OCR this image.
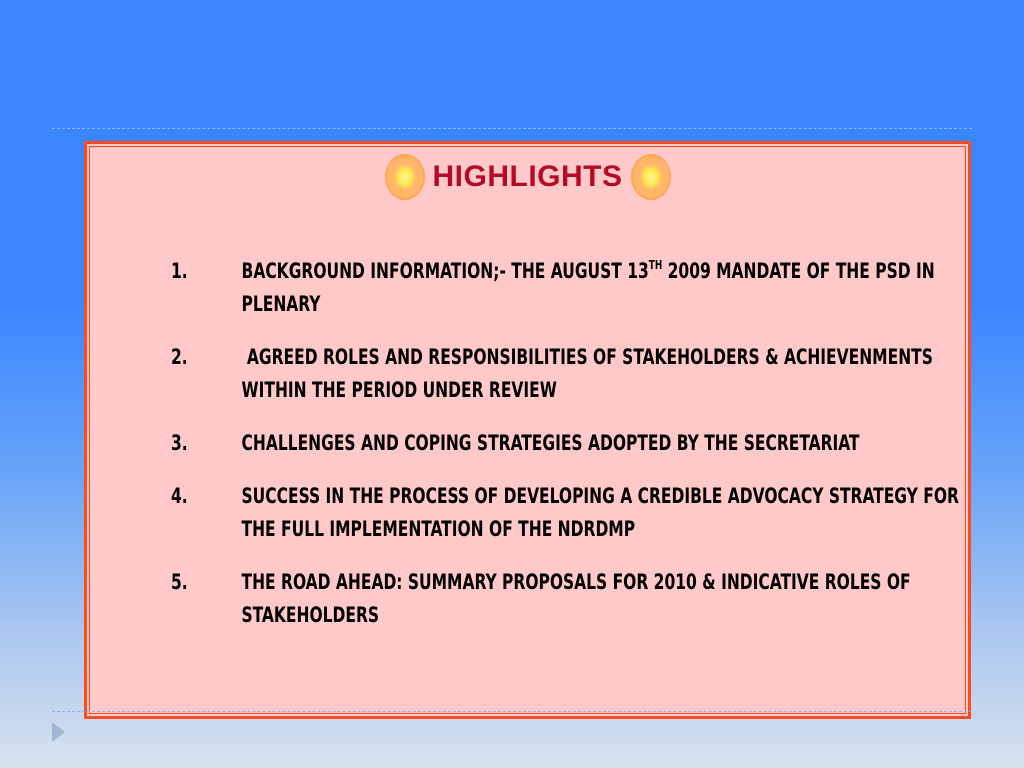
HIGHLIGHTS
1.	BACKGROUND INFORMATION;- THE AUGUST 13TH 2009 MANDATE OF THE PSD IN PLENARY
2.	AGREED ROLES AND RESPONSIBILITIES OF STAKEHOLDERS & ACHIEVENMENTS WITHIN THE PERIOD UNDER REVIEW
3.	CHALLENGES AND COPING STRATEGIES ADOPTED BY THE SECRETARIAT
4.	SUCCESS IN THE PROCESS OF DEVELOPING A CREDIBLE ADVOCACY STRATEGY FOR THE FULL IMPLEMENTATION OF THE NDRDMP
5.	THE ROAD AHEAD: SUMMARY PROPOSALS FOR 2010 & INDICATIVE ROLES OF STAKEHOLDERS
